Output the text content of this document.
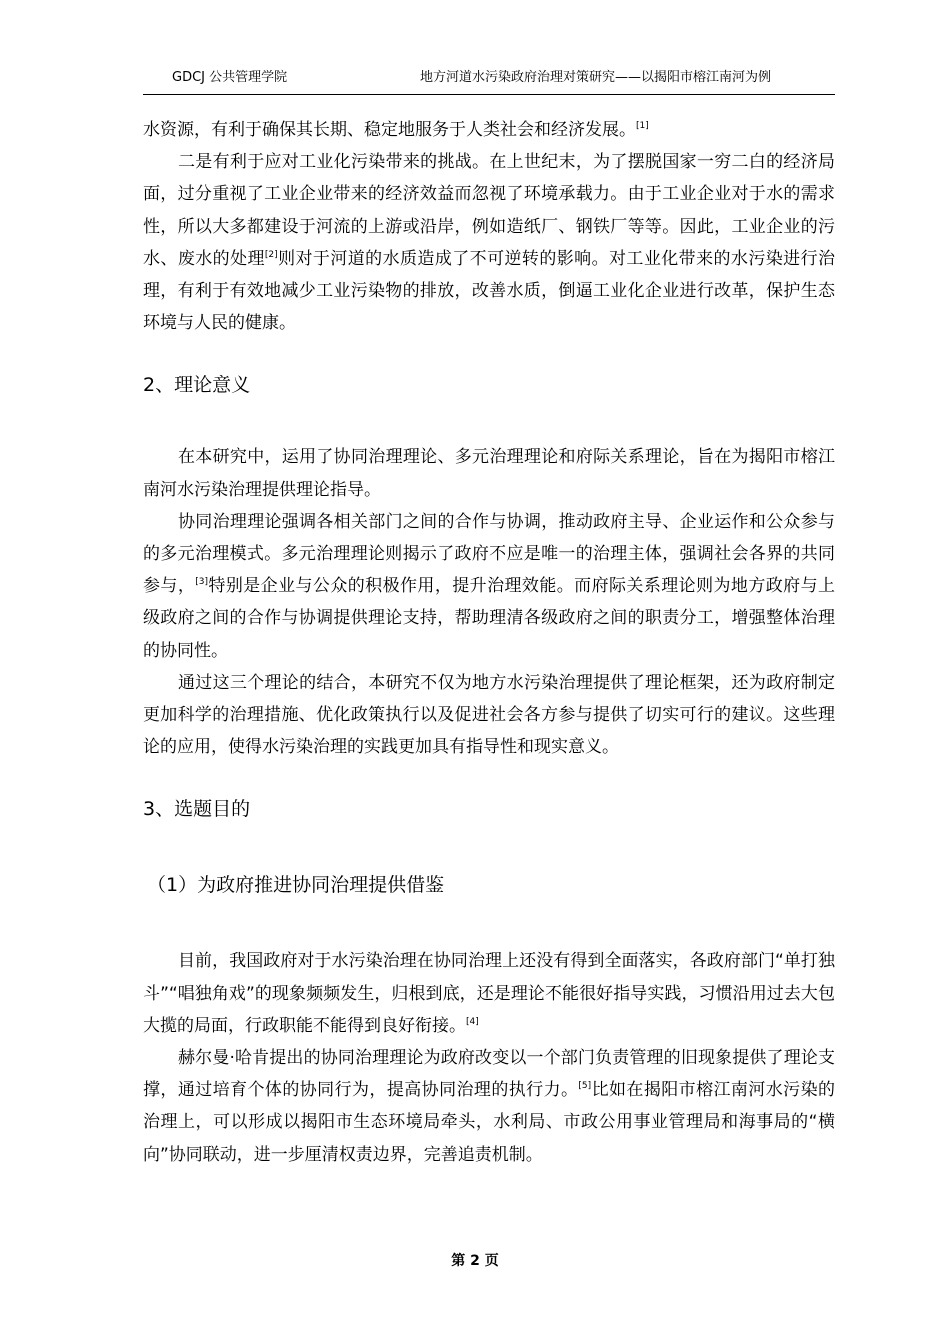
GDCJ 公共管理学院	地方河道水污染政府治理对策研究——以揭阳市榕江南河为例

水资源，有利于确保其长期、稳定地服务于人类社会和经济发展。[1]

二是有利于应对工业化污染带来的挑战。在上世纪末，为了摆脱国家一穷二白的经济局面，过分重视了工业企业带来的经济效益而忽视了环境承载力。由于工业企业对于水的需求性，所以大多都建设于河流的上游或沿岸，例如造纸厂、钢铁厂等等。因此，工业企业的污水、废水的处理[2]则对于河道的水质造成了不可逆转的影响。对工业化带来的水污染进行治理，有利于有效地减少工业污染物的排放，改善水质，倒逼工业化企业进行改革，保护生态环境与人民的健康。

2、理论意义

在本研究中，运用了协同治理理论、多元治理理论和府际关系理论，旨在为揭阳市榕江南河水污染治理提供理论指导。

协同治理理论强调各相关部门之间的合作与协调，推动政府主导、企业运作和公众参与的多元治理模式。多元治理理论则揭示了政府不应是唯一的治理主体，强调社会各界的共同参与，[3]特别是企业与公众的积极作用，提升治理效能。而府际关系理论则为地方政府与上级政府之间的合作与协调提供理论支持，帮助理清各级政府之间的职责分工，增强整体治理的协同性。

通过这三个理论的结合，本研究不仅为地方水污染治理提供了理论框架，还为政府制定更加科学的治理措施、优化政策执行以及促进社会各方参与提供了切实可行的建议。这些理论的应用，使得水污染治理的实践更加具有指导性和现实意义。

3、选题目的

（1）为政府推进协同治理提供借鉴

目前，我国政府对于水污染治理在协同治理上还没有得到全面落实，各政府部门“单打独斗”“唱独角戏”的现象频频发生，归根到底，还是理论不能很好指导实践，习惯沿用过去大包大揽的局面，行政职能不能得到良好衔接。[4]

赫尔曼·哈肯提出的协同治理理论为政府改变以一个部门负责管理的旧现象提供了理论支撑，通过培育个体的协同行为，提高协同治理的执行力。[5]比如在揭阳市榕江南河水污染的治理上，可以形成以揭阳市生态环境局牵头，水利局、市政公用事业管理局和海事局的“横向”协同联动，进一步厘清权责边界，完善追责机制。

第 2 页
